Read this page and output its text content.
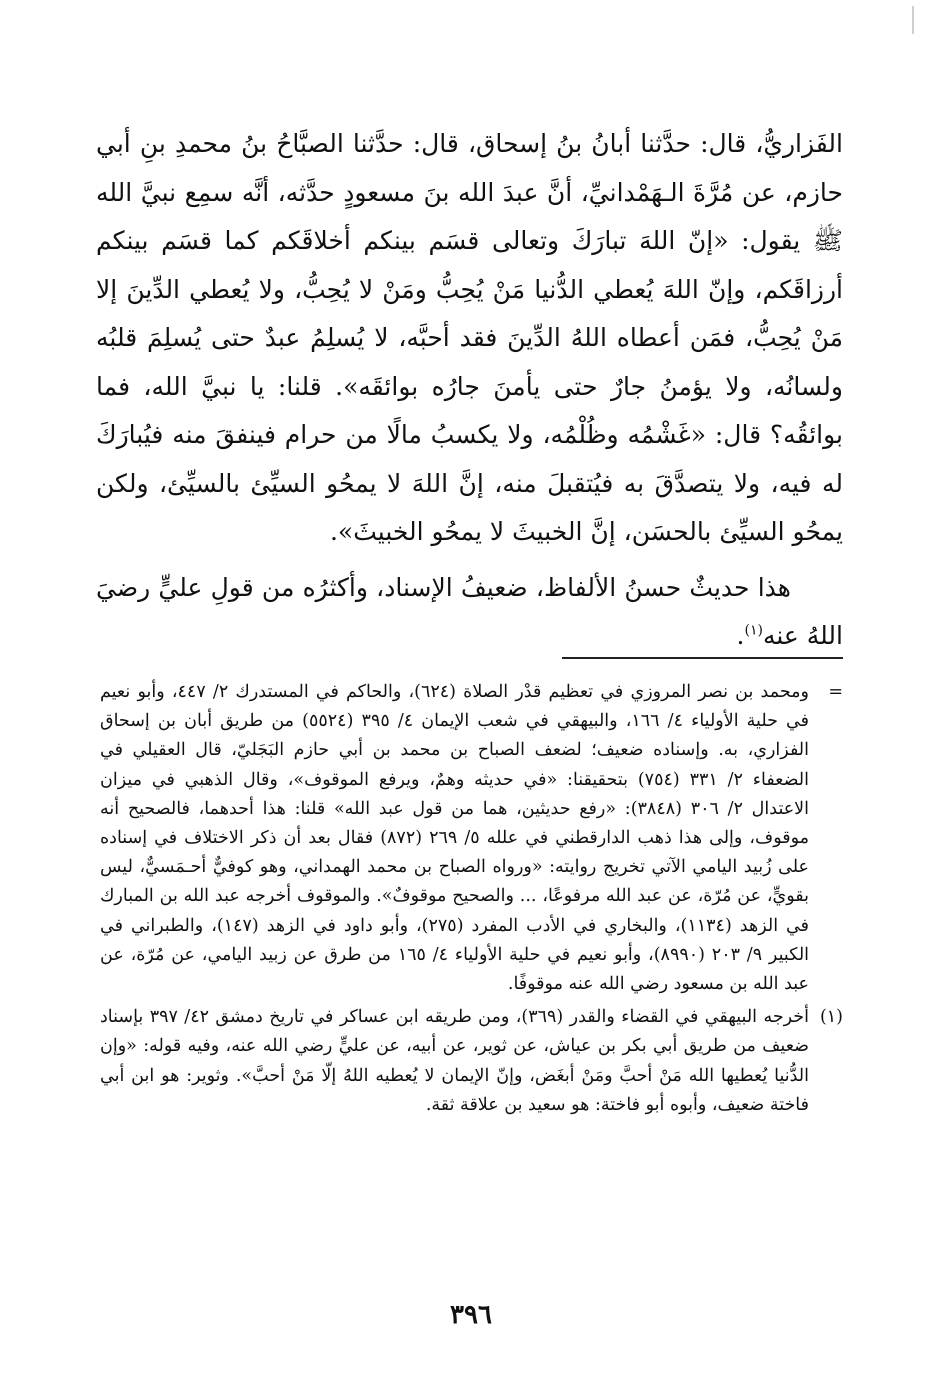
الفَزاريُّ، قال: حدَّثنا أبانُ بنُ إسحاق، قال: حدَّثنا الصبَّاحُ بنُ محمدِ بنِ أبي حازم، عن مُرَّةَ الـهَمْدانيِّ، أنَّ عبدَ الله بنَ مسعودٍ حدَّثه، أنَّه سمِع نبيَّ الله ﷺ يقول: «إنّ اللهَ تبارَكَ وتعالى قسَم بينكم أخلاقَكم كما قسَم بينكم أرزاقَكم، وإنّ اللهَ يُعطي الدُّنيا مَنْ يُحِبُّ ومَنْ لا يُحِبُّ، ولا يُعطي الدِّينَ إلا مَنْ يُحِبُّ، فمَن أعطاه اللهُ الدِّينَ فقد أحبَّه، لا يُسلِمُ عبدٌ حتى يُسلِمَ قلبُه ولسانُه، ولا يؤمنُ جارٌ حتى يأمنَ جارُه بوائقَه». قلنا: يا نبيَّ الله، فما بوائقُه؟ قال: «غَشْمُه وظُلْمُه، ولا يكسبُ مالًا من حرام فينفقَ منه فيُبارَكَ له فيه، ولا يتصدَّقَ به فيُتقبلَ منه، إنَّ اللهَ لا يمحُو السيِّئ بالسيِّئ، ولكن يمحُو السيِّئ بالحسَن، إنَّ الخبيثَ لا يمحُو الخبيثَ».

هذا حديثٌ حسنُ الألفاظ، ضعيفُ الإسناد، وأكثرُه من قولِ عليٍّ رضيَ اللهُ عنه$^{(١)}$.

=
ومحمد بن نصر المروزي في تعظيم قدْر الصلاة (٦٢٤)، والحاكم في المستدرك ٢/ ٤٤٧، وأبو نعيم في حلية الأولياء ٤/ ١٦٦، والبيهقي في شعب الإيمان ٤/ ٣٩٥ (٥٥٢٤) من طريق أبان بن إسحاق الفزاري، به. وإسناده ضعيف؛ لضعف الصباح بن محمد بن أبي حازم البَجَليّ، قال العقيلي في الضعفاء ٢/ ٣٣١ (٧٥٤) بتحقيقنا: «في حديثه وهمٌ، ويرفع الموقوف»، وقال الذهبي في ميزان الاعتدال ٢/ ٣٠٦ (٣٨٤٨): «رفع حديثين، هما من قول عبد الله» قلنا: هذا أحدهما، فالصحيح أنه موقوف، وإلى هذا ذهب الدارقطني في علله ٥/ ٢٦٩ (٨٧٢) فقال بعد أن ذكر الاختلاف في إسناده على زُبيد اليامي الآتي تخريج روايته: «ورواه الصباح بن محمد الهمداني، وهو كوفيٌّ أحـمَسيٌّ، ليس بقويٍّ، عن مُرّة، عن عبد الله مرفوعًا، ... والصحيح موقوفٌ». والموقوف أخرجه عبد الله بن المبارك في الزهد (١١٣٤)، والبخاري في الأدب المفرد (٢٧٥)، وأبو داود في الزهد (١٤٧)، والطبراني في الكبير ٩/ ٢٠٣ (٨٩٩٠)، وأبو نعيم في حلية الأولياء ٤/ ١٦٥ من طرق عن زبيد اليامي، عن مُرّة، عن عبد الله بن مسعود رضي الله عنه موقوفًا.
(١)
أخرجه البيهقي في القضاء والقدر (٣٦٩)، ومن طريقه ابن عساكر في تاريخ دمشق ٤٢/ ٣٩٧ بإسناد ضعيف من طريق أبي بكر بن عياش، عن ثوير، عن أبيه، عن عليٍّ رضي الله عنه، وفيه قوله: «وإن الدُّنيا يُعطيها الله مَنْ أحبَّ ومَنْ أبغَض، وإنّ الإيمان لا يُعطيه اللهُ إلّا مَنْ أحبَّ». وثوير: هو ابن أبي فاختة ضعيف، وأبوه أبو فاختة: هو سعيد بن علاقة ثقة.
٣٩٦
